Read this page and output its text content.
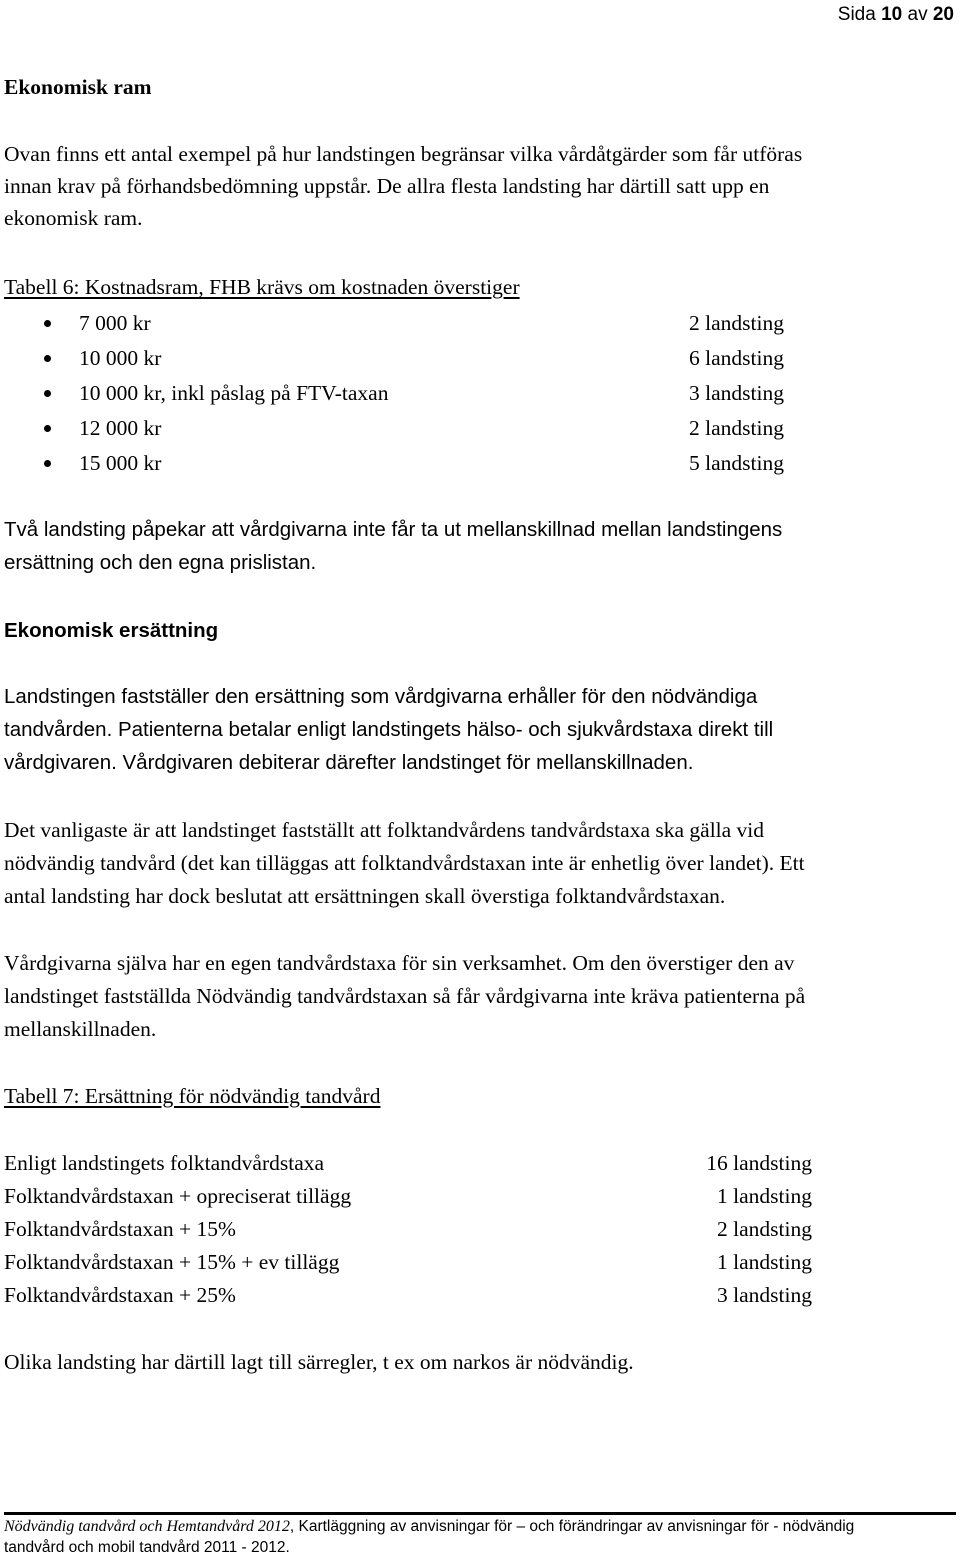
Sida 10 av 20
Ekonomisk ram
Ovan finns ett antal exempel på hur landstingen begränsar vilka vårdåtgärder som får utföras
innan krav på förhandsbedömning uppstår. De allra flesta landsting har därtill satt upp en
ekonomisk ram.
Tabell 6: Kostnadsram, FHB krävs om kostnaden överstiger
7 000 kr	2 landsting
10 000 kr	6 landsting
10 000 kr, inkl påslag på FTV-taxan	3 landsting
12 000 kr	2 landsting
15 000 kr	5 landsting
Två landsting påpekar att vårdgivarna inte får ta ut mellanskillnad mellan landstingens
ersättning och den egna prislistan.
Ekonomisk ersättning
Landstingen fastställer den ersättning som vårdgivarna erhåller för den nödvändiga
tandvården. Patienterna betalar enligt landstingets hälso- och sjukvårdstaxa direkt till
vårdgivaren. Vårdgivaren debiterar därefter landstinget för mellanskillnaden.
Det vanligaste är att landstinget fastställt att folktandvårdens tandvårdstaxa ska gälla vid
nödvändig tandvård (det kan tilläggas att folktandvårdstaxan inte är enhetlig över landet). Ett
antal landsting har dock beslutat att ersättningen skall överstiga folktandvårdstaxan.
Vårdgivarna själva har en egen tandvårdstaxa för sin verksamhet. Om den överstiger den av
landstinget fastställda Nödvändig tandvårdstaxan så får vårdgivarna inte kräva patienterna på
mellanskillnaden.
Tabell 7: Ersättning för nödvändig tandvård
Enligt landstingets folktandvårdstaxa	16 landsting
Folktandvårdstaxan + opreciserat tillägg	1 landsting
Folktandvårdstaxan + 15%	2 landsting
Folktandvårdstaxan + 15% + ev tillägg	1 landsting
Folktandvårdstaxan + 25%	3 landsting
Olika landsting har därtill lagt till särregler, t ex om narkos är nödvändig.
Nödvändig tandvård och Hemtandvård 2012, Kartläggning av anvisningar för – och förändringar av anvisningar för - nödvändig
tandvård och mobil tandvård 2011 - 2012.
